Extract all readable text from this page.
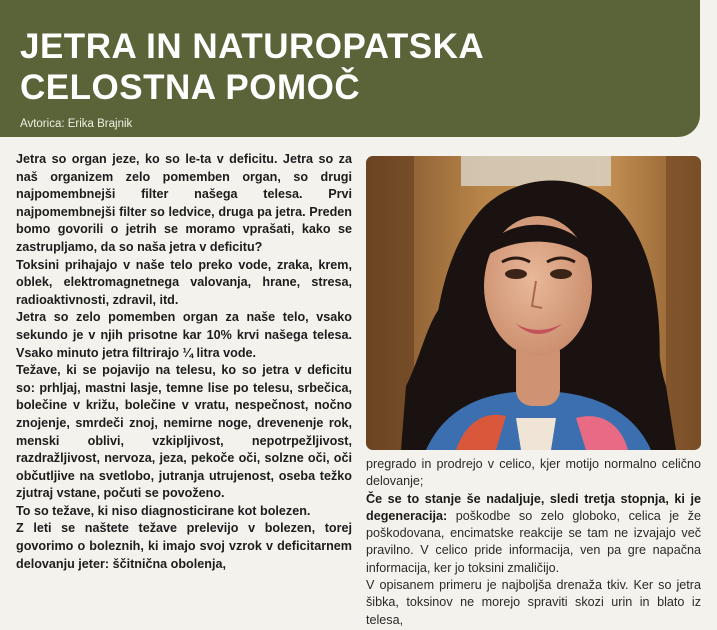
JETRA IN NATUROPATSKA
CELOSTNA POMOČ
Avtorica: Erika Brajnik

Jetra so organ jeze, ko so le-ta v deficitu. Jetra so za naš organizem zelo pomemben organ, so drugi najpomembnejši filter našega telesa. Prvi najpomembnejši filter so ledvice, druga pa jetra. Preden bomo govorili o jetrih se moramo vprašati, kako se zastrupljamo, da so naša jetra v deficitu?

Toksini prihajajo v naše telo preko vode, zraka, krem, oblek, elektromagnetnega valovanja, hrane, stresa, radioaktivnosti, zdravil, itd.

Jetra so zelo pomemben organ za naše telo, vsako sekundo je v njih prisotne kar 10% krvi našega telesa. Vsako minuto jetra filtrirajo ¼ litra vode.

Težave, ki se pojavijo na telesu, ko so jetra v deficitu so: prhljaj, mastni lasje, temne lise po telesu, srbečica, bolečine v križu, bolečine v vratu, nespečnost, nočno znojenje, smrdeči znoj, nemirne noge, drevenenje rok, menski oblivi, vzkipljivost, nepotrpežljivost, razdražljivost, nervoza, jeza, pekoče oči, solzne oči, oči občutljive na svetlobo, jutranja utrujenost, oseba težko zjutraj vstane, počuti se povoženo.

To so težave, ki niso diagnosticirane kot bolezen.

Z leti se naštete težave prelevijo v bolezen, torej govorimo o boleznih, ki imajo svoj vzrok v deficitarnem delovanju jeter: ščitnična obolenja,

pregrado in prodrejo v celico, kjer motijo normalno celično delovanje;

Če se to stanje še nadaljuje, sledi tretja stopnja, ki je degeneracija: poškodbe so zelo globoko, celica je že poškodovana, encimatske reakcije se tam ne izvajajo več pravilno. V celico pride informacija, ven pa gre napačna informacija, ker jo toksini zmaličijo.

V opisanem primeru je najboljša drenaža tkiv. Ker so jetra šibka, toksinov ne morejo spraviti skozi urin in blato iz telesa,
